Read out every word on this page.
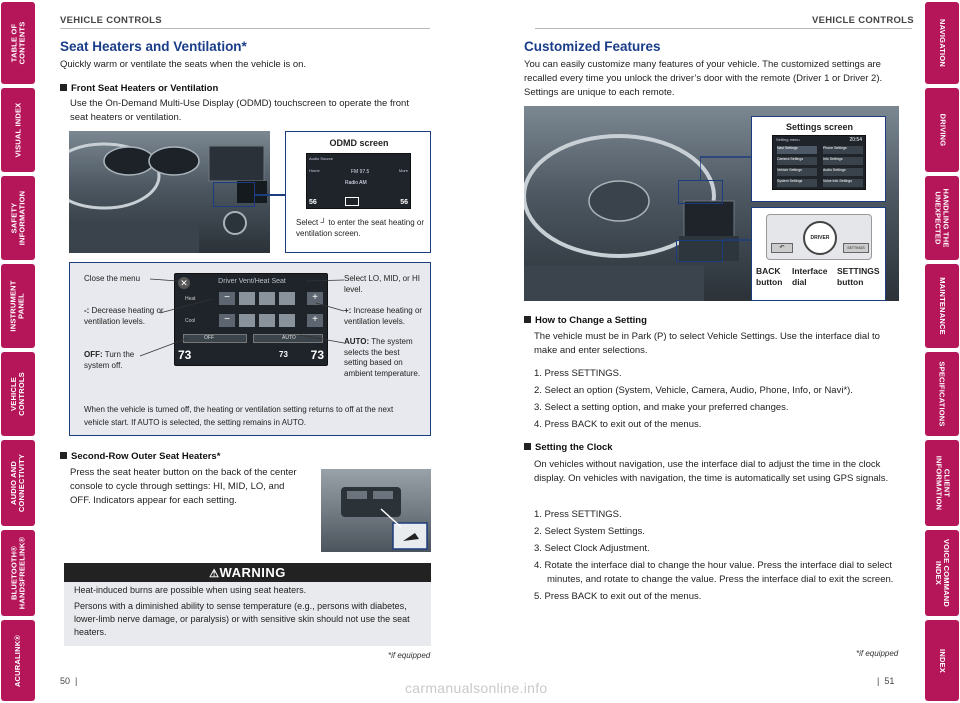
TABLE OF
CONTENTS
VISUAL INDEX
SAFETY
INFORMATION
INSTRUMENT
PANEL
VEHICLE
CONTROLS
AUDIO AND
CONNECTIVITY
BLUETOOTH®
HANDSFREELINK®
ACURALINK®
NAVIGATION
DRIVING
HANDLING THE
UNEXPECTED
MAINTENANCE
SPECIFICATIONS
CLIENT
INFORMATION
VOICE COMMAND
INDEX
INDEX
VEHICLE CONTROLS
Seat Heaters and Ventilation*
Quickly warm or ventilate the seats when the vehicle is on.
Front Seat Heaters or Ventilation
Use the On-Demand Multi-Use Display (ODMD) touchscreen to operate the front seat heaters or ventilation.
ODMD screen
Audio Source
FM 97.5
Radio AM
Home	More
56	56
Select ┘ to enter the seat heating or ventilation screen.
Driver Vent/Heat Seat
✕
Heat
Cool
−	+
−	+
OFF	AUTO
73	73 73
Close the menu
-: Decrease heating or ventilation levels.
OFF: Turn the system off.
Select LO, MID, or HI level.
+: Increase heating or ventilation levels.
AUTO: The system selects the best setting based on ambient temperature.
When the vehicle is turned off, the heating or ventilation setting returns to off at the next vehicle start. If AUTO is selected, the setting remains in AUTO.
Second-Row Outer Seat Heaters*
Press the seat heater button on the back of the center console to cycle through settings: HI, MID, LO, and OFF. Indicators appear for each setting.
⚠WARNING
Heat-induced burns are possible when using seat heaters.
Persons with a diminished ability to sense temperature (e.g., persons with diabetes, lower-limb nerve damage, or paralysis) or with sensitive skin should not use the seat heaters.
*if equipped
50  |
VEHICLE CONTROLS
Customized Features
You can easily customize many features of your vehicle. The customized settings are recalled every time you unlock the driver’s door with the remote (Driver 1 or Driver 2). Settings are unique to each remote.
Settings screen
Setting menu	20:54
Navi Settings	Phone Settings
Camera Settings	Info Settings
Vehicle Settings	Audio Settings
System Settings	Voice Info Settings
DRIVER
↶	SETTINGS
BACK
button
Interface
dial
SETTINGS
button
How to Change a Setting
The vehicle must be in Park (P) to select Vehicle Settings. Use the interface dial to make and enter selections.
1. Press SETTINGS.
2. Select an option (System, Vehicle, Camera, Audio, Phone, Info, or Navi*).
3. Select a setting option, and make your preferred changes.
4. Press BACK to exit out of the menus.
Setting the Clock
On vehicles without navigation, use the interface dial to adjust the time in the clock display. On vehicles with navigation, the time is automatically set using GPS signals.
1. Press SETTINGS.
2. Select System Settings.
3. Select Clock Adjustment.
4. Rotate the interface dial to change the hour value. Press the interface dial to select minutes, and rotate to change the value. Press the interface dial to exit the screen.
5. Press BACK to exit out of the menus.
*if equipped
|  51
carmanualsonline.info
